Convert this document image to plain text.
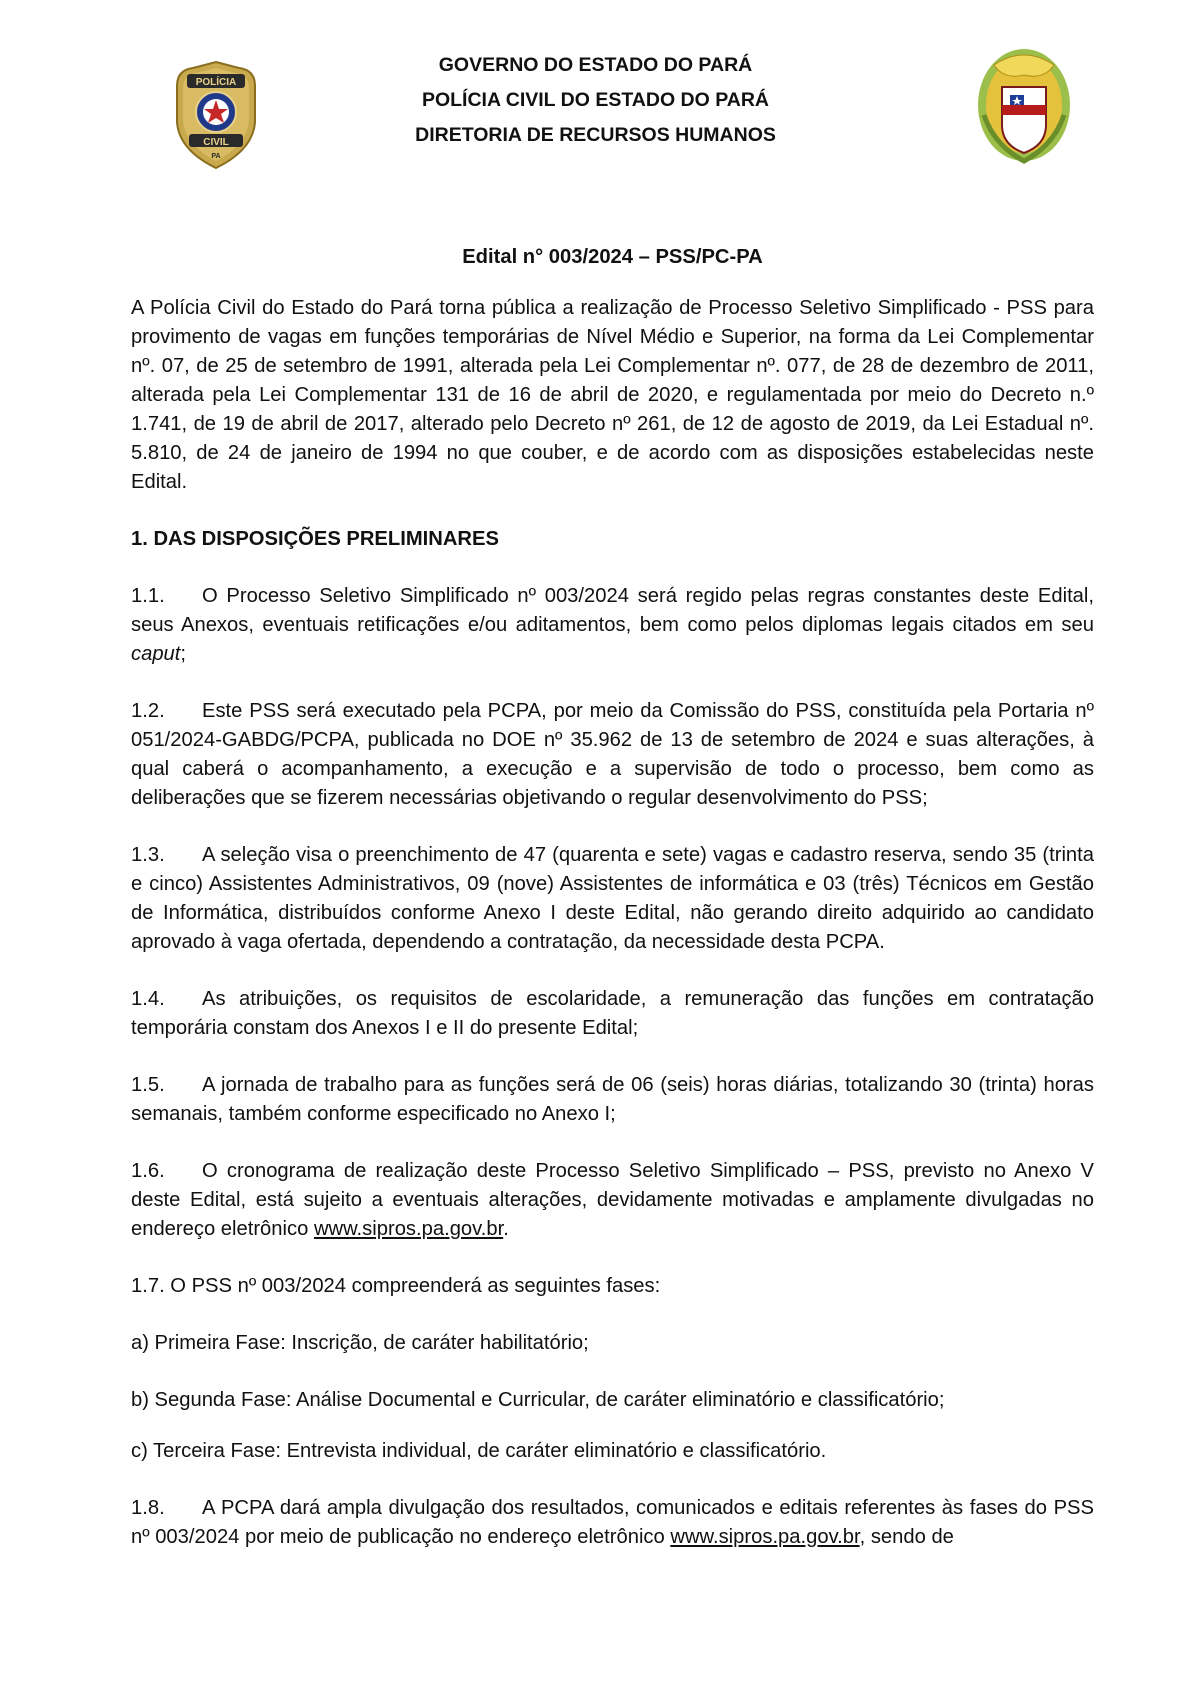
POLÍCIA
CIVIL
PA
GOVERNO DO ESTADO DO PARÁ
POLÍCIA CIVIL DO ESTADO DO PARÁ
DIRETORIA DE RECURSOS HUMANOS

Edital n° 003/2024 – PSS/PC-PA

A Polícia Civil do Estado do Pará torna pública a realização de Processo Seletivo Simplificado - PSS para provimento de vagas em funções temporárias de Nível Médio e Superior, na forma da Lei Complementar nº. 07, de 25 de setembro de 1991, alterada pela Lei Complementar nº. 077, de 28 de dezembro de 2011, alterada pela Lei Complementar 131 de 16 de abril de 2020, e regulamentada por meio do Decreto n.º 1.741, de 19 de abril de 2017, alterado pelo Decreto nº 261, de 12 de agosto de 2019, da Lei Estadual nº. 5.810, de 24 de janeiro de 1994 no que couber, e de acordo com as disposições estabelecidas neste Edital.

1. DAS DISPOSIÇÕES PRELIMINARES

1.1. O Processo Seletivo Simplificado nº 003/2024 será regido pelas regras constantes deste Edital, seus Anexos, eventuais retificações e/ou aditamentos, bem como pelos diplomas legais citados em seu caput;

1.2. Este PSS será executado pela PCPA, por meio da Comissão do PSS, constituída pela Portaria nº 051/2024-GABDG/PCPA, publicada no DOE nº 35.962 de 13 de setembro de 2024 e suas alterações, à qual caberá o acompanhamento, a execução e a supervisão de todo o processo, bem como as deliberações que se fizerem necessárias objetivando o regular desenvolvimento do PSS;

1.3. A seleção visa o preenchimento de 47 (quarenta e sete) vagas e cadastro reserva, sendo 35 (trinta e cinco) Assistentes Administrativos, 09 (nove) Assistentes de informática e 03 (três) Técnicos em Gestão de Informática, distribuídos conforme Anexo I deste Edital, não gerando direito adquirido ao candidato aprovado à vaga ofertada, dependendo a contratação, da necessidade desta PCPA.

1.4. As atribuições, os requisitos de escolaridade, a remuneração das funções em contratação temporária constam dos Anexos I e II do presente Edital;

1.5. A jornada de trabalho para as funções será de 06 (seis) horas diárias, totalizando 30 (trinta) horas semanais, também conforme especificado no Anexo I;

1.6. O cronograma de realização deste Processo Seletivo Simplificado – PSS, previsto no Anexo V deste Edital, está sujeito a eventuais alterações, devidamente motivadas e amplamente divulgadas no endereço eletrônico www.sipros.pa.gov.br.

1.7. O PSS nº 003/2024 compreenderá as seguintes fases:

a) Primeira Fase: Inscrição, de caráter habilitatório;

b) Segunda Fase: Análise Documental e Curricular, de caráter eliminatório e classificatório;

c) Terceira Fase: Entrevista individual, de caráter eliminatório e classificatório.

1.8. A PCPA dará ampla divulgação dos resultados, comunicados e editais referentes às fases do PSS nº 003/2024 por meio de publicação no endereço eletrônico www.sipros.pa.gov.br, sendo de
